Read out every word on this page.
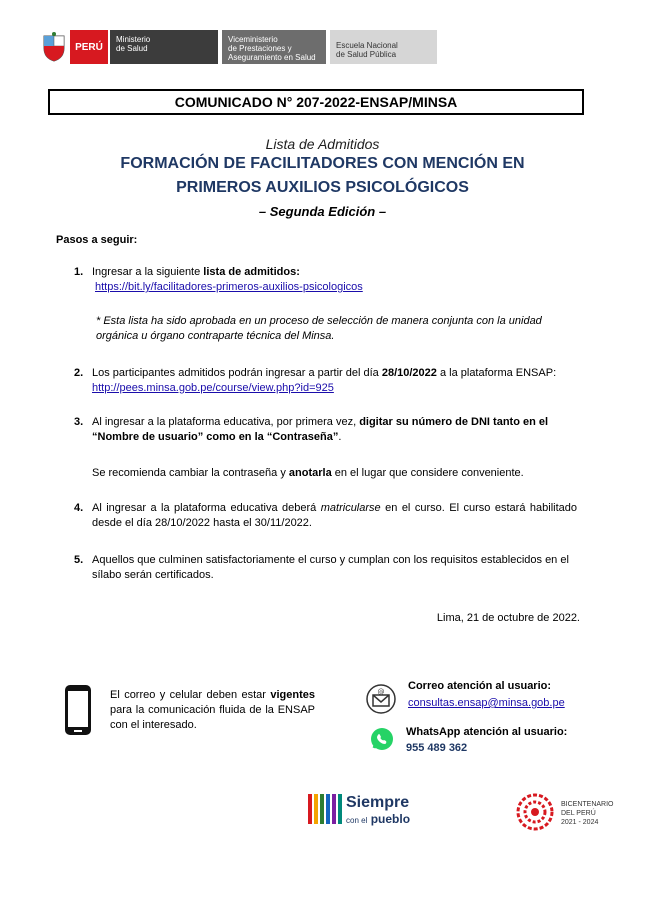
PERÚ
Ministerio
de Salud
Viceministerio
de Prestaciones y
Aseguramiento en Salud
Escuela Nacional
de Salud Pública
COMUNICADO N° 207-2022-ENSAP/MINSA
Lista de Admitidos
FORMACIÓN DE FACILITADORES CON MENCIÓN EN
PRIMEROS AUXILIOS PSICOLÓGICOS
– Segunda Edición –
Pasos a seguir:
1. Ingresar a la siguiente lista de admitidos:
https://bit.ly/facilitadores-primeros-auxilios-psicologicos
* Esta lista ha sido aprobada en un proceso de selección de manera conjunta con la unidad orgánica u órgano contraparte técnica del Minsa.
2. Los participantes admitidos podrán ingresar a partir del día 28/10/2022 a la plataforma ENSAP:
http://pees.minsa.gob.pe/course/view.php?id=925
3. Al ingresar a la plataforma educativa, por primera vez, digitar su número de DNI tanto en el “Nombre de usuario” como en la “Contraseña”.
Se recomienda cambiar la contraseña y anotarla en el lugar que considere conveniente.
4. Al ingresar a la plataforma educativa deberá matricularse en el curso. El curso estará habilitado desde el día 28/10/2022 hasta el 30/11/2022.
5. Aquellos que culminen satisfactoriamente el curso y cumplan con los requisitos establecidos en el sílabo serán certificados.
Lima, 21 de octubre de 2022.
El correo y celular deben estar vigentes para la comunicación fluida de la ENSAP con el interesado.
@ Correo atención al usuario:
consultas.ensap@minsa.gob.pe
WhatsApp atención al usuario:
955 489 362
Siempre
con el pueblo
BICENTENARIO
DEL PERÚ
2021 - 2024
